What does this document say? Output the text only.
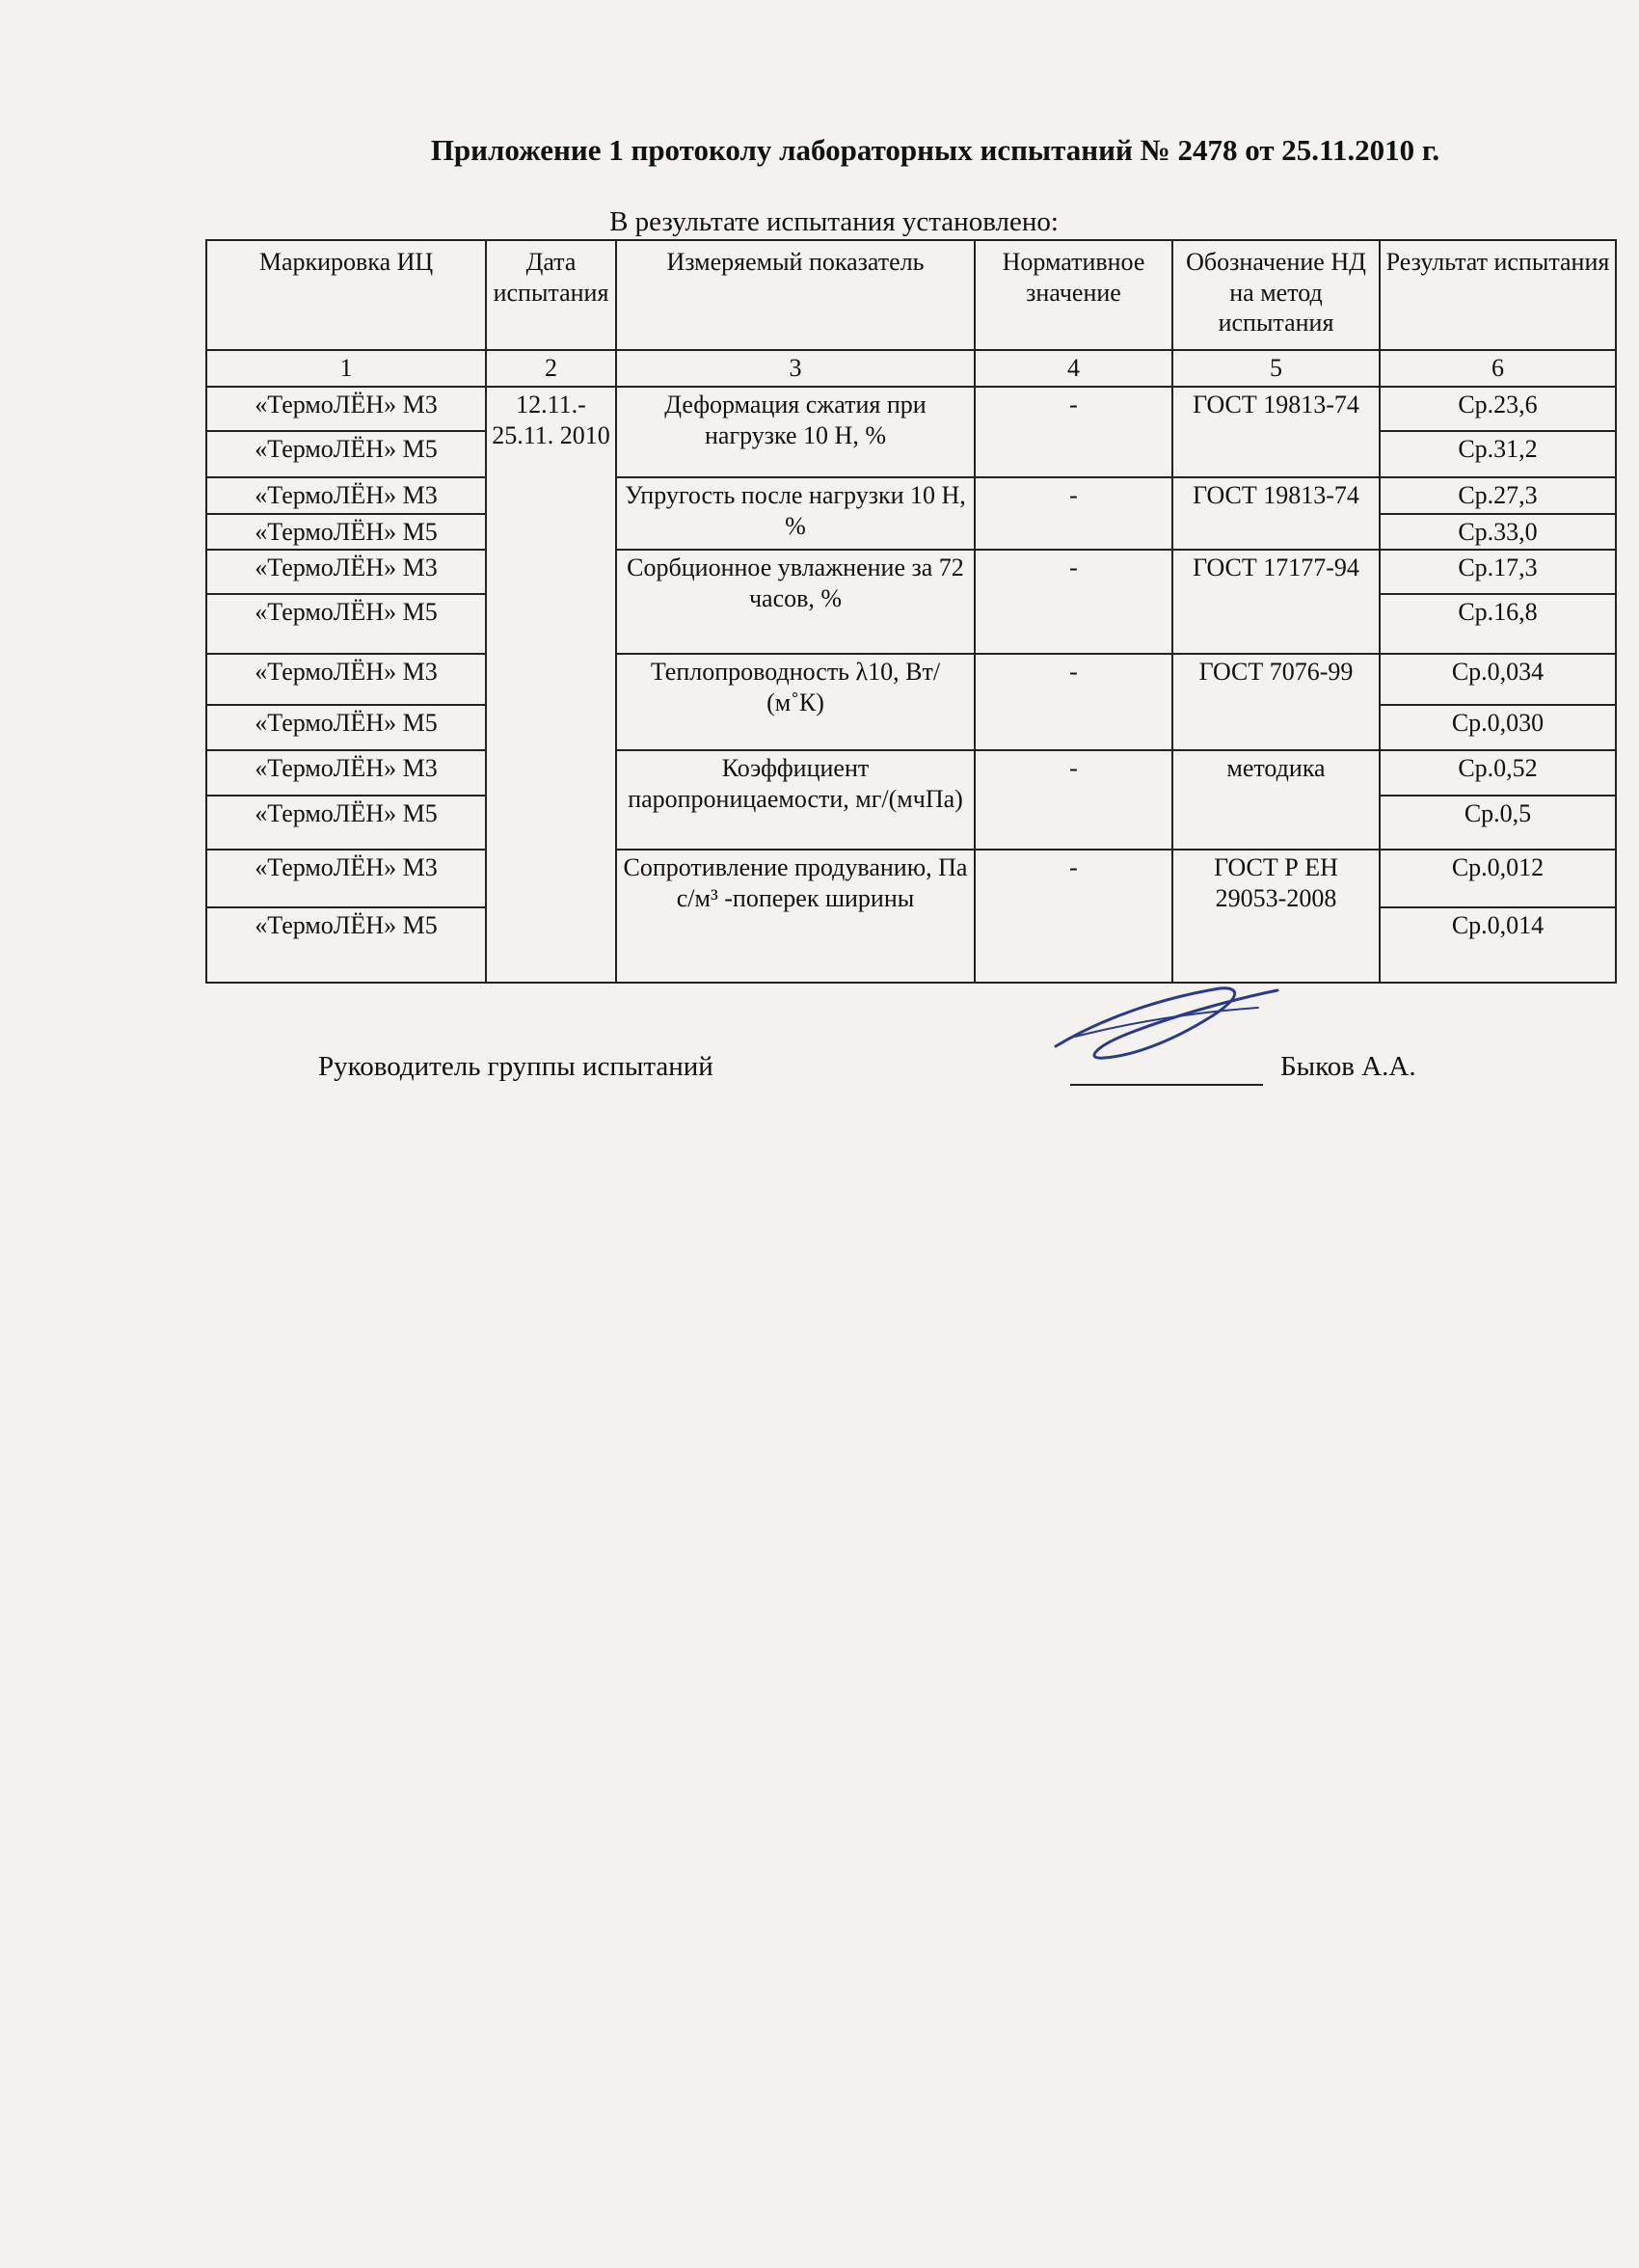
Приложение 1 протоколу лабораторных испытаний № 2478 от 25.11.2010 г.
В результате испытания установлено:
Маркировка ИЦ	Дата испытания	Измеряемый показатель	Нормативное значение	Обозначение НД на метод испытания	Результат испытания
1	2	3	4	5	6
«ТермоЛЁН» М3	12.11.- 25.11. 2010	Деформация сжатия при нагрузке 10 Н, %	-	ГОСТ 19813-74	Ср.23,6
«ТермоЛЁН» М5					Ср.31,2
«ТермоЛЁН» М3		Упругость после нагрузки 10 Н, %	-	ГОСТ 19813-74	Ср.27,3
«ТермоЛЁН» М5					Ср.33,0
«ТермоЛЁН» М3		Сорбционное увлажнение за 72 часов, %	-	ГОСТ 17177-94	Ср.17,3
«ТермоЛЁН» М5					Ср.16,8
«ТермоЛЁН» М3		Теплопроводность λ10, Вт/ (м˚К)	-	ГОСТ 7076-99	Ср.0,034
«ТермоЛЁН» М5					Ср.0,030
«ТермоЛЁН» М3		Коэффициент паропроницаемости, мг/(мчПа)	-	методика	Ср.0,52
«ТермоЛЁН» М5					Ср.0,5
«ТермоЛЁН» М3		Сопротивление продуванию, Па с/м³ -поперек ширины	-	ГОСТ Р ЕН 29053-2008	Ср.0,012
«ТермоЛЁН» М5					Ср.0,014
Руководитель группы испытаний	Быков А.А.
